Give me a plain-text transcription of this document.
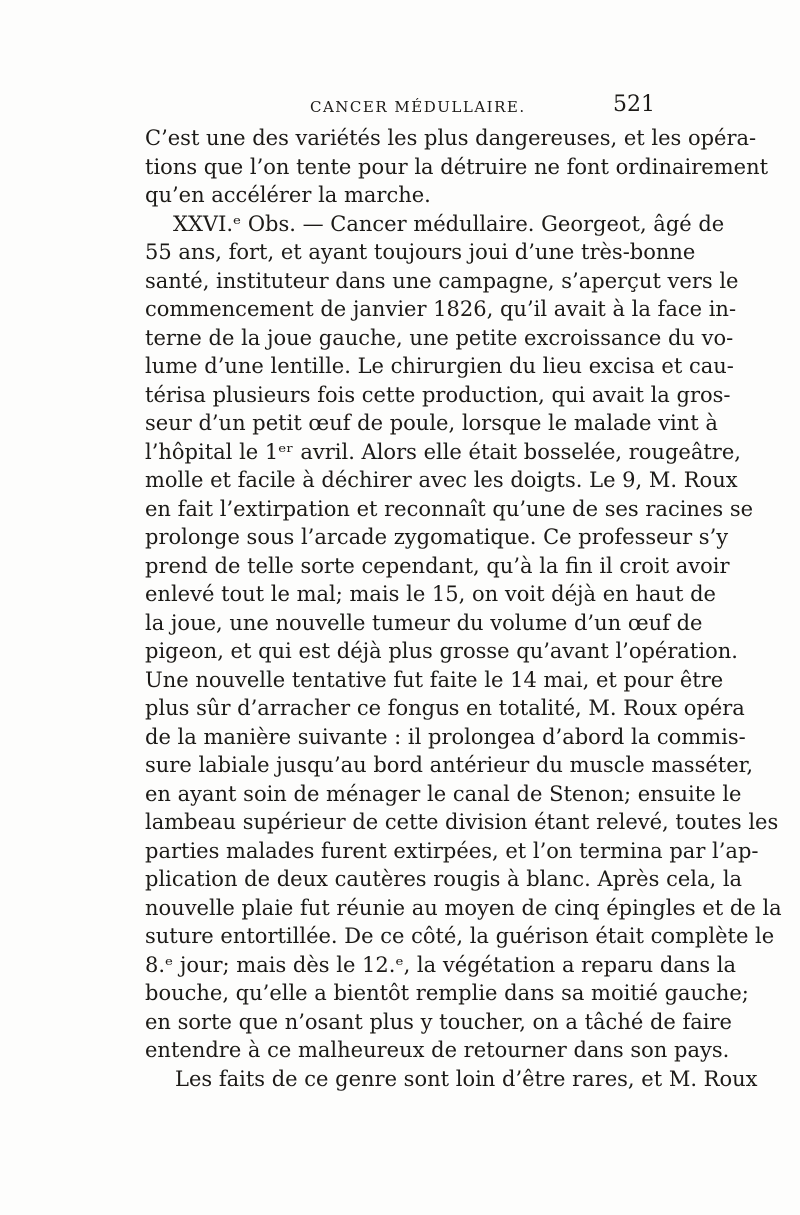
CANCER MÉDULLAIRE.	521
C’est une des variétés les plus dangereuses, et les opéra-
tions que l’on tente pour la détruire ne font ordinairement
qu’en accélérer la marche.
XXVI.ᵉ Obs. — Cancer médullaire. Georgeot, âgé de
55 ans, fort, et ayant toujours joui d’une très-bonne
santé, instituteur dans une campagne, s’aperçut vers le
commencement de janvier 1826, qu’il avait à la face in-
terne de la joue gauche, une petite excroissance du vo-
lume d’une lentille. Le chirurgien du lieu excisa et cau-
térisa plusieurs fois cette production, qui avait la gros-
seur d’un petit œuf de poule, lorsque le malade vint à
l’hôpital le 1ᵉʳ avril. Alors elle était bosselée, rougeâtre,
molle et facile à déchirer avec les doigts. Le 9, M. Roux
en fait l’extirpation et reconnaît qu’une de ses racines se
prolonge sous l’arcade zygomatique. Ce professeur s’y
prend de telle sorte cependant, qu’à la fin il croit avoir
enlevé tout le mal; mais le 15, on voit déjà en haut de
la joue, une nouvelle tumeur du volume d’un œuf de
pigeon, et qui est déjà plus grosse qu’avant l’opération.
Une nouvelle tentative fut faite le 14 mai, et pour être
plus sûr d’arracher ce fongus en totalité, M. Roux opéra
de la manière suivante : il prolongea d’abord la commis-
sure labiale jusqu’au bord antérieur du muscle masséter,
en ayant soin de ménager le canal de Stenon; ensuite le
lambeau supérieur de cette division étant relevé, toutes les
parties malades furent extirpées, et l’on termina par l’ap-
plication de deux cautères rougis à blanc. Après cela, la
nouvelle plaie fut réunie au moyen de cinq épingles et de la
suture entortillée. De ce côté, la guérison était complète le
8.ᵉ jour; mais dès le 12.ᵉ, la végétation a reparu dans la
bouche, qu’elle a bientôt remplie dans sa moitié gauche;
en sorte que n’osant plus y toucher, on a tâché de faire
entendre à ce malheureux de retourner dans son pays.
Les faits de ce genre sont loin d’être rares, et M. Roux
